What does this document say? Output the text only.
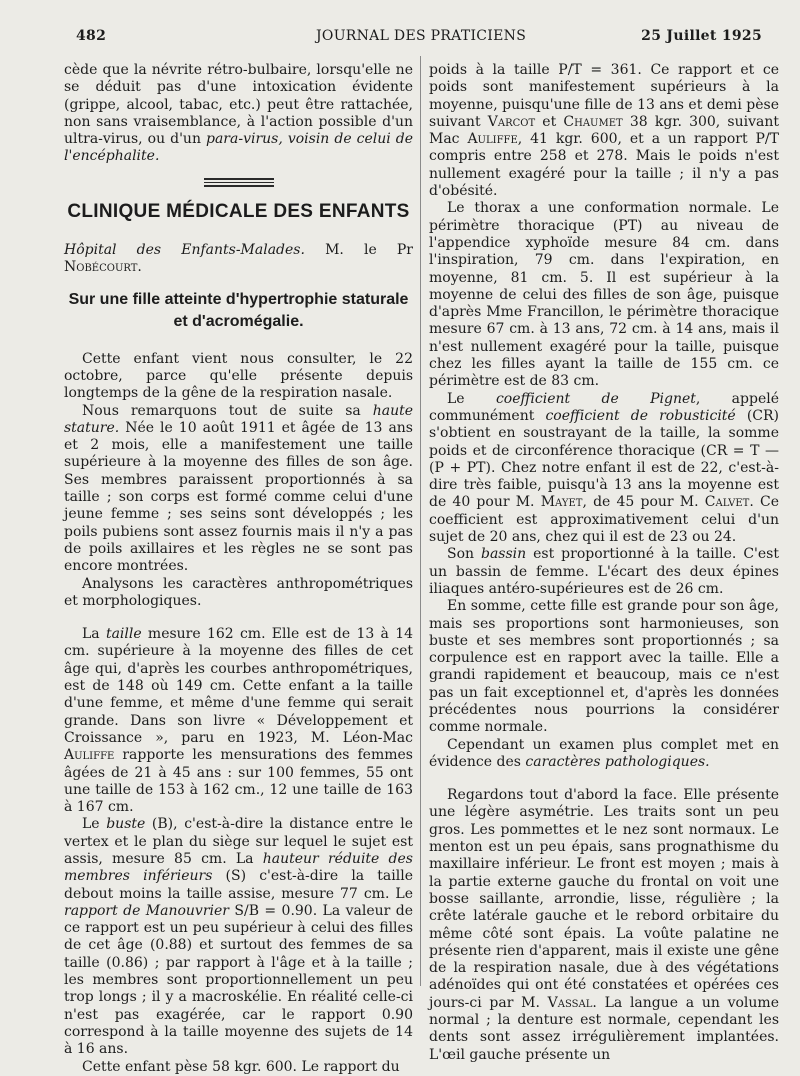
482	JOURNAL DES PRATICIENS	25 Juillet 1925

cède que la névrite rétro-bulbaire, lorsqu'elle ne se déduit pas d'une intoxication évidente (grippe, alcool, tabac, etc.) peut être rattachée, non sans vraisemblance, à l'action possible d'un ultra-virus, ou d'un para-virus, voisin de celui de l'encéphalite.

CLINIQUE MÉDICALE DES ENFANTS

Hôpital des Enfants-Malades. M. le Pr Nobécourt.

Sur une fille atteinte d'hypertrophie staturale et d'acromégalie.

Cette enfant vient nous consulter, le 22 octobre, parce qu'elle présente depuis longtemps de la gêne de la respiration nasale.

Nous remarquons tout de suite sa haute stature. Née le 10 août 1911 et âgée de 13 ans et 2 mois, elle a manifestement une taille supérieure à la moyenne des filles de son âge. Ses membres paraissent proportionnés à sa taille ; son corps est formé comme celui d'une jeune femme ; ses seins sont développés ; les poils pubiens sont assez fournis mais il n'y a pas de poils axillaires et les règles ne se sont pas encore montrées.

Analysons les caractères anthropométriques et morphologiques.

La taille mesure 162 cm. Elle est de 13 à 14 cm. supérieure à la moyenne des filles de cet âge qui, d'après les courbes anthropométriques, est de 148 où 149 cm. Cette enfant a la taille d'une femme, et même d'une femme qui serait grande. Dans son livre « Développement et Croissance », paru en 1923, M. Léon-Mac Auliffe rapporte les mensurations des femmes âgées de 21 à 45 ans : sur 100 femmes, 55 ont une taille de 153 à 162 cm., 12 une taille de 163 à 167 cm.

Le buste (B), c'est-à-dire la distance entre le vertex et le plan du siège sur lequel le sujet est assis, mesure 85 cm. La hauteur réduite des membres inférieurs (S) c'est-à-dire la taille debout moins la taille assise, mesure 77 cm. Le rapport de Manouvrier S/B = 0.90. La valeur de ce rapport est un peu supérieur à celui des filles de cet âge (0.88) et surtout des femmes de sa taille (0.86) ; par rapport à l'âge et à la taille ; les membres sont proportionnellement un peu trop longs ; il y a macroskélie. En réalité celle-ci n'est pas exagérée, car le rapport 0.90 correspond à la taille moyenne des sujets de 14 à 16 ans.

Cette enfant pèse 58 kgr. 600. Le rapport du

poids à la taille P/T = 361. Ce rapport et ce poids sont manifestement supérieurs à la moyenne, puisqu'une fille de 13 ans et demi pèse suivant Varcot et Chaumet 38 kgr. 300, suivant Mac Auliffe, 41 kgr. 600, et a un rapport P/T compris entre 258 et 278. Mais le poids n'est nullement exagéré pour la taille ; il n'y a pas d'obésité.

Le thorax a une conformation normale. Le périmètre thoracique (PT) au niveau de l'appendice xyphoïde mesure 84 cm. dans l'inspiration, 79 cm. dans l'expiration, en moyenne, 81 cm. 5. Il est supérieur à la moyenne de celui des filles de son âge, puisque d'après Mme Francillon, le périmètre thoracique mesure 67 cm. à 13 ans, 72 cm. à 14 ans, mais il n'est nullement exagéré pour la taille, puisque chez les filles ayant la taille de 155 cm. ce périmètre est de 83 cm.

Le coefficient de Pignet, appelé communément coefficient de robusticité (CR) s'obtient en soustrayant de la taille, la somme poids et de circonférence thoracique (CR = T — (P + PT). Chez notre enfant il est de 22, c'est-à-dire très faible, puisqu'à 13 ans la moyenne est de 40 pour M. Mayet, de 45 pour M. Calvet. Ce coefficient est approximativement celui d'un sujet de 20 ans, chez qui il est de 23 ou 24.

Son bassin est proportionné à la taille. C'est un bassin de femme. L'écart des deux épines iliaques antéro-supérieures est de 26 cm.

En somme, cette fille est grande pour son âge, mais ses proportions sont harmonieuses, son buste et ses membres sont proportionnés ; sa corpulence est en rapport avec la taille. Elle a grandi rapidement et beaucoup, mais ce n'est pas un fait exceptionnel et, d'après les données précédentes nous pourrions la considérer comme normale.

Cependant un examen plus complet met en évidence des caractères pathologiques.

Regardons tout d'abord la face. Elle présente une légère asymétrie. Les traits sont un peu gros. Les pommettes et le nez sont normaux. Le menton est un peu épais, sans prognathisme du maxillaire inférieur. Le front est moyen ; mais à la partie externe gauche du frontal on voit une bosse saillante, arrondie, lisse, régulière ; la crête latérale gauche et le rebord orbitaire du même côté sont épais. La voûte palatine ne présente rien d'apparent, mais il existe une gêne de la respiration nasale, due à des végétations adénoïdes qui ont été constatées et opérées ces jours-ci par M. Vassal. La langue a un volume normal ; la denture est normale, cependant les dents sont assez irrégulièrement implantées. L'œil gauche présente un
